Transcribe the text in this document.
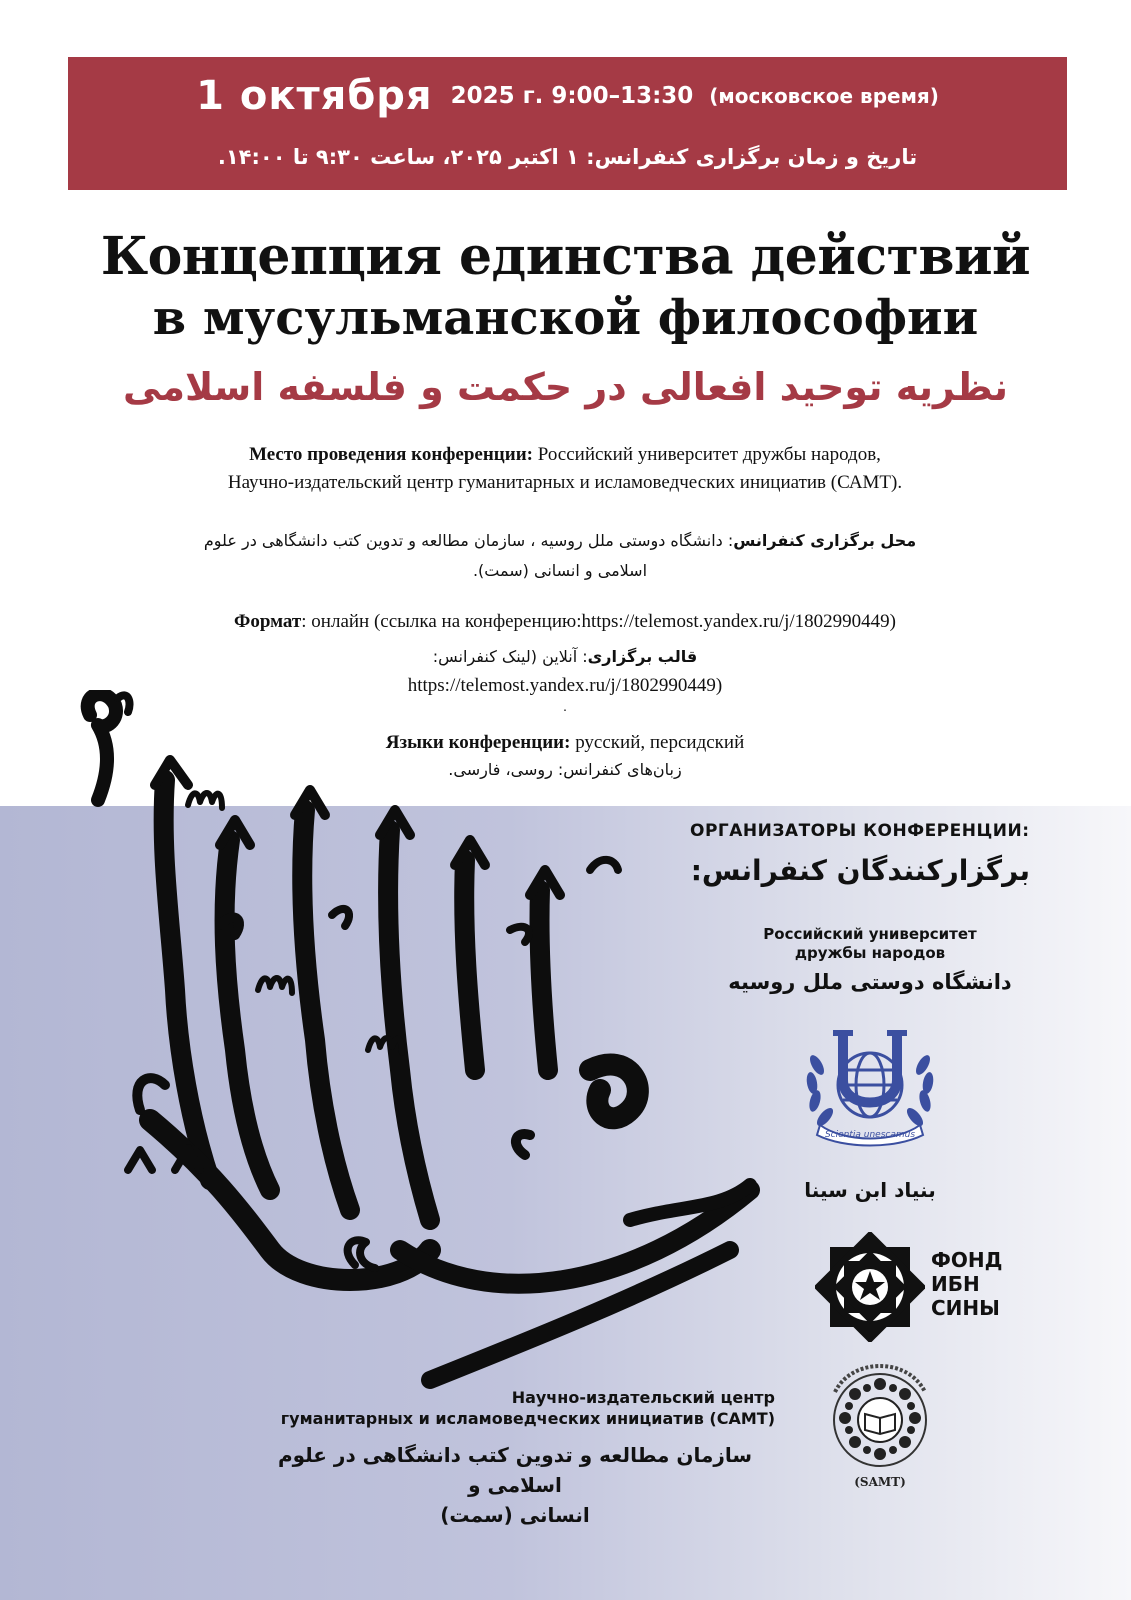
1 октября 2025 г. 9:00–13:30 (московское время)
تاریخ و زمان برگزاری کنفرانس: ۱ اکتبر ۲۰۲۵، ساعت ۹:۳۰ تا ۱۴:۰۰.
Концепция единства действий
в мусульманской философии
نظریه توحید افعالی در حکمت و فلسفه اسلامی
Место проведения конференции: Российский университет дружбы народов,
Научно-издательский центр гуманитарных и исламоведческих инициатив (САМТ).
محل برگزاری کنفرانس: دانشگاه دوستی ملل روسیه ، سازمان مطالعه و تدوین کتب دانشگاهی در علوم
اسلامی و انسانی (سمت).
Формат: онлайн (ссылка на конференцию:https://telemost.yandex.ru/j/1802990449)
قالب برگزاری: آنلاین (لینک کنفرانس:
https://telemost.yandex.ru/j/1802990449)
.
Языки конференции: русский, персидский
زبان‌های کنفرانس: روسی، فارسی.
ОРГАНИЗАТОРЫ КОНФЕРЕНЦИИ:
برگزارکنندگان کنفرانس:
Российский университет
дружбы народов
دانشگاه دوستی ملل روسیه
Scientia unescamus
بنیاد ابن سینا
ФОНД
ИБН
СИНЫ
(SAMT)
Научно-издательский центр
гуманитарных и исламоведческих инициатив (САМТ)
سازمان مطالعه و تدوین کتب دانشگاهی در علوم اسلامی و
انسانی (سمت)
